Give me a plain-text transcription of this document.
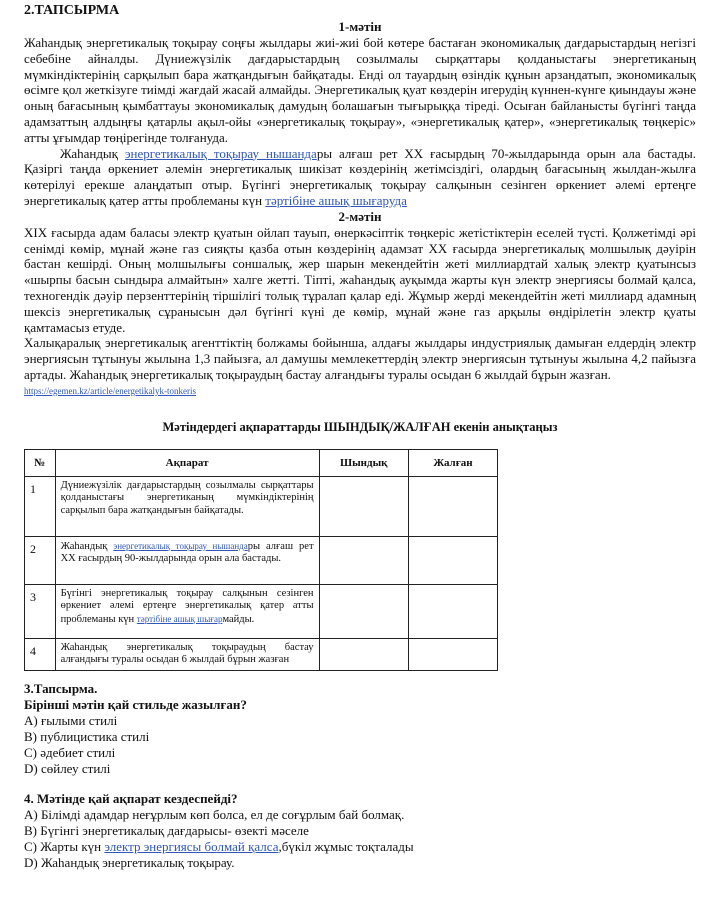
2.ТАПСЫРМА
1-мәтін

Жаһандық энергетикалық тоқырау соңғы жылдары жиі-жиі бой көтере бастаған экономикалық дағдарыстардың негізгі себебіне айналды. Дүниежүзілік дағдарыстардың созылмалы сырқаттары қолданыстағы энергетиканың мүмкіндіктерінің сарқылып бара жатқандығын байқатады. Енді ол тауардың өзіндік құнын арзандатып, экономикалық өсімге қол жеткізуге тиімді жағдай жасай алмайды. Энергетикалық қуат көздерін игерудің күннен-күнге қиындауы және оның бағасының қымбаттауы экономикалық дамудың болашағын тығырыққа тіреді. Осыған байланысты бүгінгі таңда адамзаттың алдыңғы қатарлы ақыл-ойы «энергетикалық тоқырау», «энергетикалық қатер», «энергетикалық төңкеріс» атты ұғымдар төңірегінде толғануда.

Жаһандық энергетикалық тоқырау нышандары алғаш рет ХХ ғасырдың 70-жылдарында орын ала бастады. Қазіргі таңда өркениет әлемін энергетикалық шикізат көздерінің жетімсіздігі, олардың бағасының жылдан-жылға көтерілуі ерекше алаңдатып отыр. Бүгінгі энергетикалық тоқырау салқынын сезінген өркениет әлемі ертеңге энергетикалық қатер атты проблеманы күн тәртібіне ашық шығаруда

2-мәтін

ХІХ ғасырда адам баласы электр қуатын ойлап тауып, өнеркәсіптік төңкеріс жетістіктерін еселей түсті. Қолжетімді әрі сенімді көмір, мұнай және газ сияқты қазба отын көздерінің адамзат ХХ ғасырда энергетикалық молшылық дәуірін бастан кешірді. Оның молшылығы соншалық, жер шарын мекендейтін жеті миллиардтай халық электр қуатынсыз «шырпы басын сындыра алмайтын» халге жетті. Тіпті, жаһандық ауқымда жарты күн электр энергиясы болмай қалса, техногендік дәуір перзенттерінің тіршілігі толық тұралап қалар еді. Жұмыр жерді мекендейтін жеті миллиард адамның шексіз энергетикалық сұранысын дәл бүгінгі күні де көмір, мұнай және газ арқылы өндірілетін электр қуаты қамтамасыз етуде.

Халықаралық энергетикалық агенттіктің болжамы бойынша, алдағы жылдары индустриялық дамыған елдердің электр энергиясын тұтынуы жылына 1,3 пайызға, ал дамушы мемлекеттердің электр энергиясын тұтынуы жылына 4,2 пайызға артады. Жаһандық энергетикалық тоқыраудың бастау алғандығы туралы осыдан 6 жылдай бұрын жазған.

https://egemen.kz/article/energetikalyk-tonkeris
Мәтіндердегі ақпараттарды ШЫНДЫҚ/ЖАЛҒАН екенін анықтаңыз
№	Ақпарат	Шындық	Жалған
1	Дүниежүзілік дағдарыстардың созылмалы сырқаттары қолданыстағы энергетиканың мүмкіндіктерінің сарқылып бара жатқандығын байқатады.		
2	Жаһандық энергетикалық тоқырау нышандары алғаш рет ХХ ғасырдың 90-жылдарында орын ала бастады.		
3	Бүгінгі энергетикалық тоқырау салқынын сезінген өркениет әлемі ертеңге энергетикалық қатер атты проблеманы күн тәртібіне ашық шығармайды.		
4	Жаһандық энергетикалық тоқыраудың бастау алғандығы туралы осыдан 6 жылдай бұрын жазған		
3.Тапсырма.
Бірінші мәтін қай стильде жазылған?
A) ғылыми стилі
B) публицистика стилі
C) әдебиет стилі
D) сөйлеу стилі
4. Мәтінде қай ақпарат кездеспейді?
A) Білімді адамдар неғұрлым көп болса, ел де соғұрлым бай болмақ.
B) Бүгінгі энергетикалық дағдарысы- өзекті мәселе
C) Жарты күн электр энергиясы болмай қалса,бүкіл жұмыс тоқталады
D) Жаһандық энергетикалық тоқырау.
